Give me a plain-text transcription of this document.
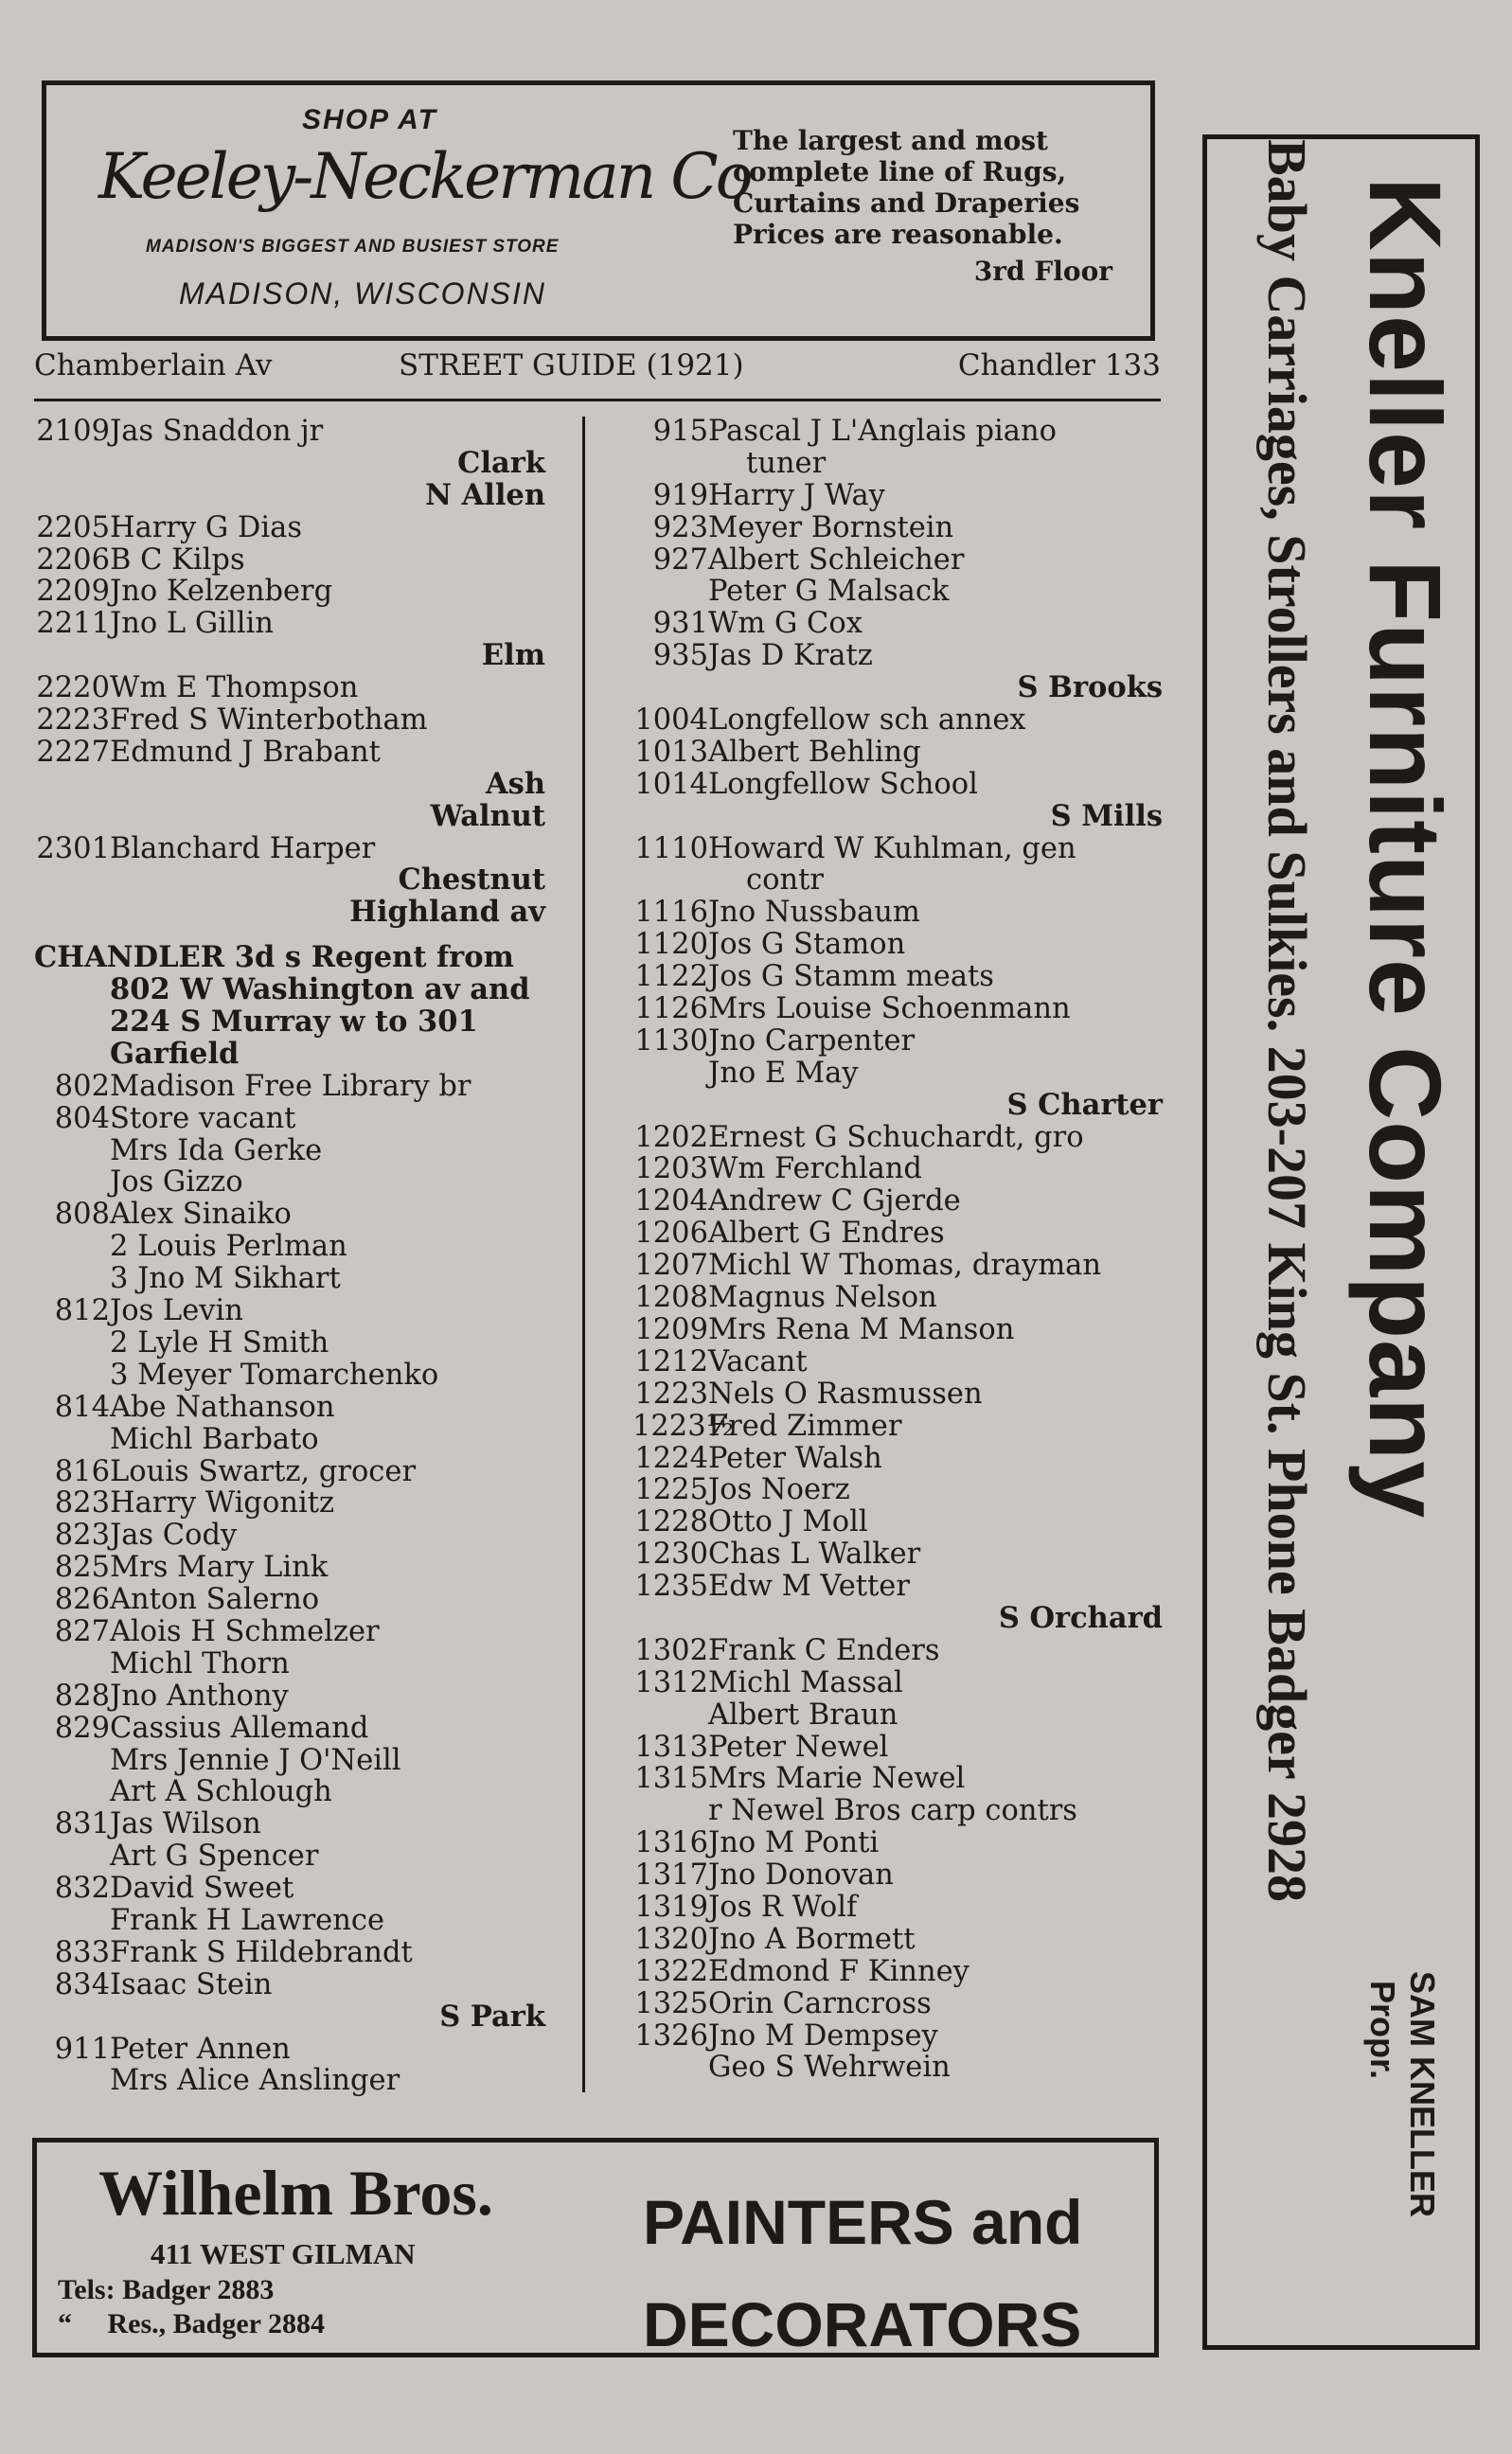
SHOP AT
Keeley-Neckerman Co
MADISON'S BIGGEST AND BUSIEST STORE
MADISON, WISCONSIN
The largest and most complete line of Rugs, Curtains and Draperies Prices are reasonable.
3rd Floor
Chamberlain Av	STREET GUIDE (1921)	Chandler 133
2109 Jas Snaddon jr
Clark
N Allen
2205 Harry G Dias
2206 B C Kilps
2209 Jno Kelzenberg
2211 Jno L Gillin
Elm
2220 Wm E Thompson
2223 Fred S Winterbotham
2227 Edmund J Brabant
Ash
Walnut
2301 Blanchard Harper
Chestnut
Highland av
CHANDLER 3d s Regent from
802 W Washington av and
224 S Murray w to 301
Garfield
802 Madison Free Library br
804 Store vacant
Mrs Ida Gerke
Jos Gizzo
808 Alex Sinaiko
2 Louis Perlman
3 Jno M Sikhart
812 Jos Levin
2 Lyle H Smith
3 Meyer Tomarchenko
814 Abe Nathanson
Michl Barbato
816 Louis Swartz, grocer
823 Harry Wigonitz
823 Jas Cody
825 Mrs Mary Link
826 Anton Salerno
827 Alois H Schmelzer
Michl Thorn
828 Jno Anthony
829 Cassius Allemand
Mrs Jennie J O'Neill
Art A Schlough
831 Jas Wilson
Art G Spencer
832 David Sweet
Frank H Lawrence
833 Frank S Hildebrandt
834 Isaac Stein
S Park
911 Peter Annen
Mrs Alice Anslinger
915 Pascal J L'Anglais piano
tuner
919 Harry J Way
923 Meyer Bornstein
927 Albert Schleicher
Peter G Malsack
931 Wm G Cox
935 Jas D Kratz
S Brooks
1004 Longfellow sch annex
1013 Albert Behling
1014 Longfellow School
S Mills
1110 Howard W Kuhlman, gen
contr
1116 Jno Nussbaum
1120 Jos G Stamon
1122 Jos G Stamm meats
1126 Mrs Louise Schoenmann
1130 Jno Carpenter
Jno E May
S Charter
1202 Ernest G Schuchardt, gro
1203 Wm Ferchland
1204 Andrew C Gjerde
1206 Albert G Endres
1207 Michl W Thomas, drayman
1208 Magnus Nelson
1209 Mrs Rena M Manson
1212 Vacant
1223 Nels O Rasmussen
1223½
Fred Zimmer
1224 Peter Walsh
1225 Jos Noerz
1228 Otto J Moll
1230 Chas L Walker
1235 Edw M Vetter
S Orchard
1302 Frank C Enders
1312 Michl Massal
Albert Braun
1313 Peter Newel
1315 Mrs Marie Newel
r Newel Bros carp contrs
1316 Jno M Ponti
1317 Jno Donovan
1319 Jos R Wolf
1320 Jno A Bormett
1322 Edmond F Kinney
1325 Orin Carncross
1326 Jno M Dempsey
Geo S Wehrwein
Kneller Furniture Company
Baby Carriages, Strollers and Sulkies. 203-207 King St. Phone Badger 2928
SAM KNELLER
Propr.
Wilhelm Bros.
411 WEST GILMAN
Tels: Badger 2883
“     Res., Badger 2884
PAINTERS and
DECORATORS
